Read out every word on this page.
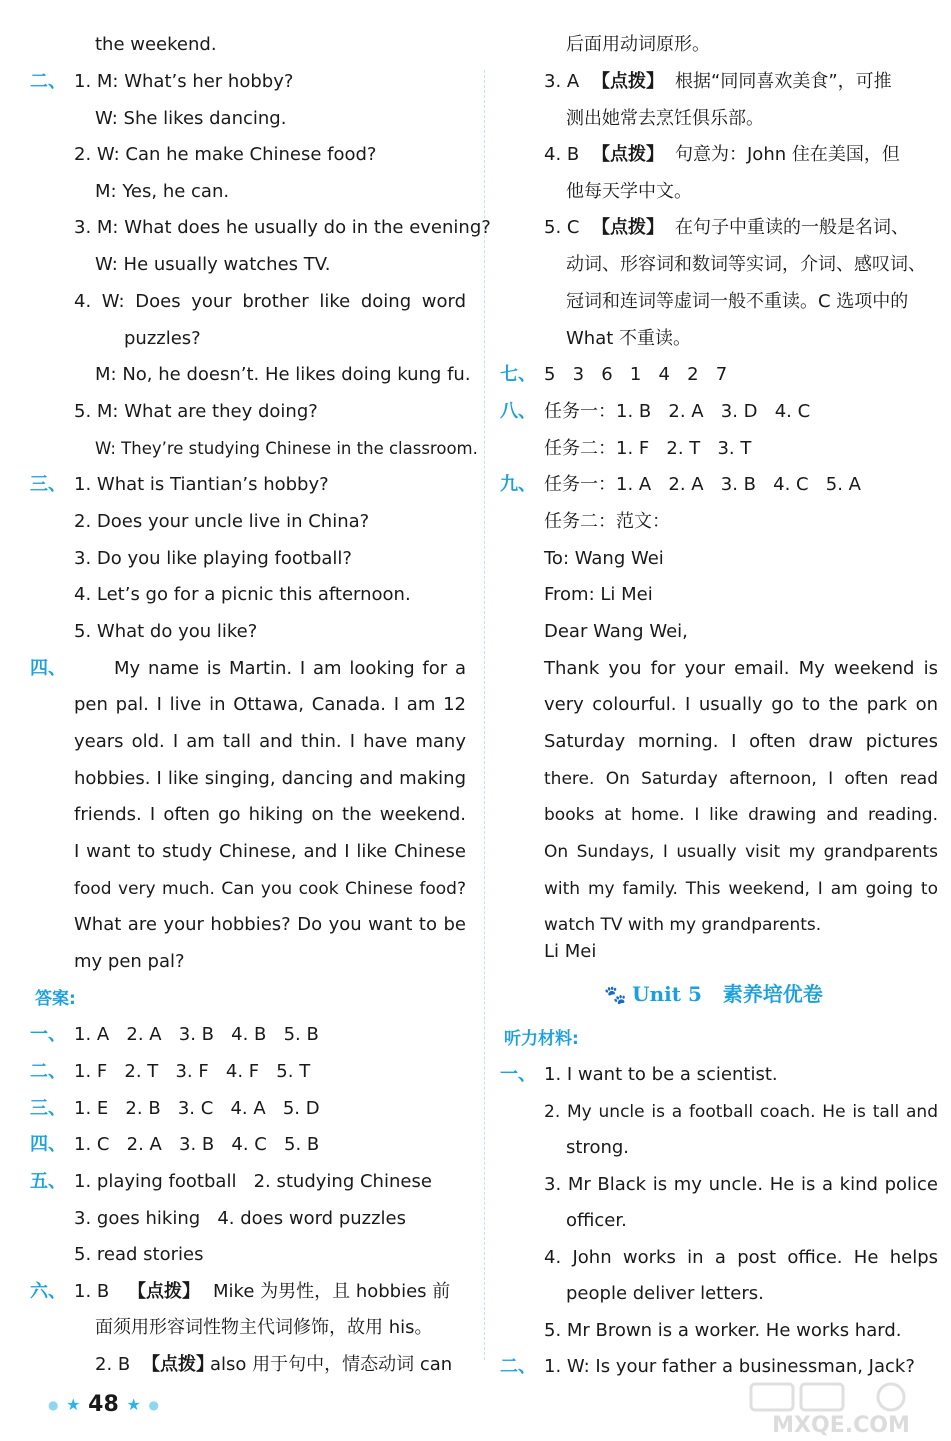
the weekend.
二、 1. M: What’s her hobby?
W: She likes dancing.
2. W: Can he make Chinese food?
M: Yes, he can.
3. M: What does he usually do in the evening?
W: He usually watches TV.
4. W: Does your brother like doing word
puzzles?
M: No, he doesn’t. He likes doing kung fu.
5. M: What are they doing?
W: They’re studying Chinese in the classroom.
三、 1. What is Tiantian’s hobby?
2. Does your uncle live in China?
3. Do you like playing football?
4. Let’s go for a picnic this afternoon.
5. What do you like?
四、	My name is Martin. I am looking for a
pen pal. I live in Ottawa, Canada. I am 12
years old. I am tall and thin. I have many
hobbies. I like singing, dancing and making
friends. I often go hiking on the weekend.
I want to study Chinese, and I like Chinese
food very much. Can you cook Chinese food?
What are your hobbies? Do you want to be
my pen pal?
答案:
一、 1. A   2. A   3. B   4. B   5. B
二、 1. F   2. T   3. F   4. F   5. T
三、 1. E   2. B   3. C   4. A   5. D
四、 1. C   2. A   3. B   4. C   5. B
五、 1. playing football   2. studying Chinese
3. goes hiking   4. does word puzzles
5. read stories
六、 1. B 【点拨】 Mike 为男性，且 hobbies 前
面须用形容词性物主代词修饰，故用 his。
2. B 【点拨】
also 用于句中，情态动词 can
后面用动词原形。
3. A 【点拨】 根据“同同喜欢美食”，可推
测出她常去烹饪俱乐部。
4. B 【点拨】 句意为：John 住在美国，但
他每天学中文。
5. C 【点拨】 在句子中重读的一般是名词、
动词、形容词和数词等实词，介词、感叹词、
冠词和连词等虚词一般不重读。C 选项中的
What 不重读。
七、 5   3   6   1   4   2   7
八、 任务一：1. B   2. A   3. D   4. C
任务二：1. F   2. T   3. T
九、 任务一：1. A   2. A   3. B   4. C   5. A
任务二：范文：
To: Wang Wei
From: Li Mei
Dear Wang Wei,
Thank you for your email. My weekend is
very colourful. I usually go to the park on
Saturday morning. I often draw pictures
there. On Saturday afternoon, I often read
books at home. I like drawing and reading.
On Sundays, I usually visit my grandparents
with my family. This weekend, I am going to
watch TV with my grandparents.
Li Mei
🐾 Unit 5   素养培优卷
听力材料:
一、 1. I want to be a scientist.
2. My uncle is a football coach. He is tall and
strong.
3. Mr Black is my uncle. He is a kind police
officer.
4. John works in a post office. He helps
people deliver letters.
5. Mr Brown is a worker. He works hard.
二、 1. W: Is your father a businessman, Jack?
● ★ 48 ★ ●
MXQE.COM
